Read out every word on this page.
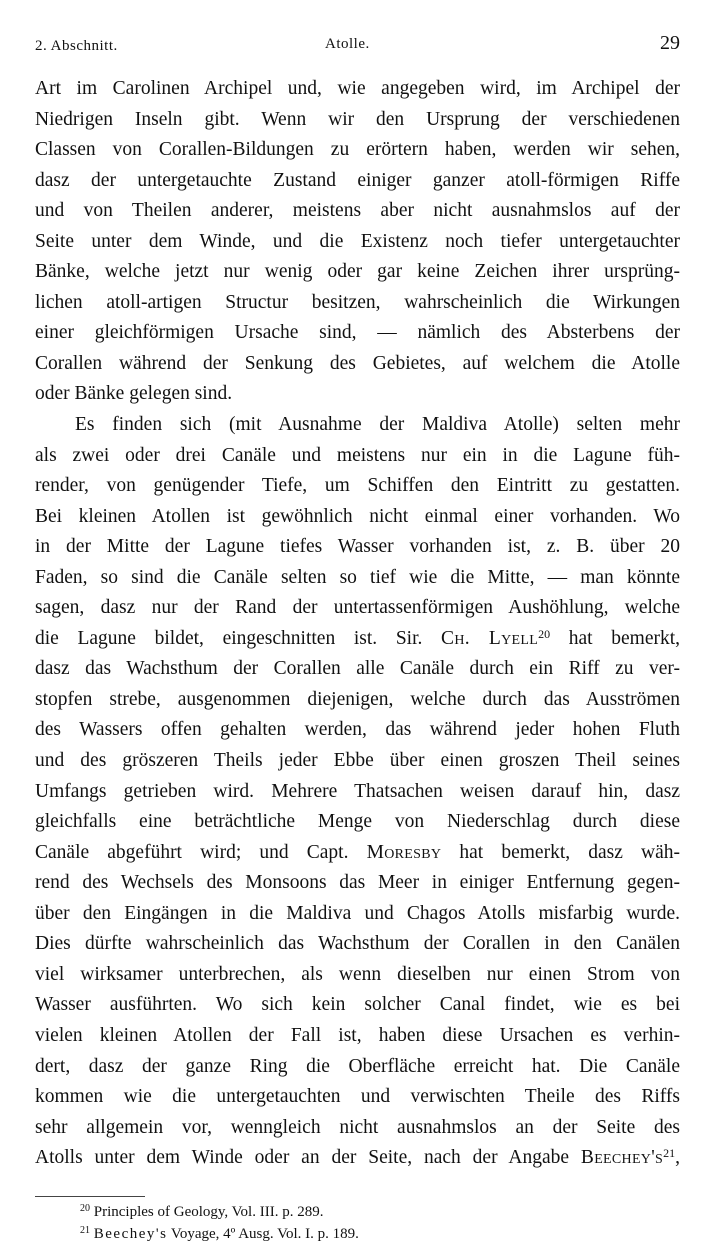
2. Abschnitt.	Atolle.	29

Art im Carolinen Archipel und, wie angegeben wird, im Archipel der
Niedrigen Inseln gibt. Wenn wir den Ursprung der verschiedenen
Classen von Corallen-Bildungen zu erörtern haben, werden wir sehen,
dasz der untergetauchte Zustand einiger ganzer atoll-förmigen Riffe
und von Theilen anderer, meistens aber nicht ausnahmslos auf der
Seite unter dem Winde, und die Existenz noch tiefer untergetauchter
Bänke, welche jetzt nur wenig oder gar keine Zeichen ihrer ursprüng-
lichen atoll-artigen Structur besitzen, wahrscheinlich die Wirkungen
einer gleichförmigen Ursache sind, — nämlich des Absterbens der
Corallen während der Senkung des Gebietes, auf welchem die Atolle
oder Bänke gelegen sind.

Es finden sich (mit Ausnahme der Maldiva Atolle) selten mehr
als zwei oder drei Canäle und meistens nur ein in die Lagune füh-
render, von genügender Tiefe, um Schiffen den Eintritt zu gestatten.
Bei kleinen Atollen ist gewöhnlich nicht einmal einer vorhanden. Wo
in der Mitte der Lagune tiefes Wasser vorhanden ist, z. B. über 20
Faden, so sind die Canäle selten so tief wie die Mitte, — man könnte
sagen, dasz nur der Rand der untertassenförmigen Aushöhlung, welche
die Lagune bildet, eingeschnitten ist. Sir. Ch. Lyell$^{20}$ hat bemerkt,
dasz das Wachsthum der Corallen alle Canäle durch ein Riff zu ver-
stopfen strebe, ausgenommen diejenigen, welche durch das Ausströmen
des Wassers offen gehalten werden, das während jeder hohen Fluth
und des gröszeren Theils jeder Ebbe über einen groszen Theil seines
Umfangs getrieben wird. Mehrere Thatsachen weisen darauf hin, dasz
gleichfalls eine beträchtliche Menge von Niederschlag durch diese
Canäle abgeführt wird; und Capt. Moresby hat bemerkt, dasz wäh-
rend des Wechsels des Monsoons das Meer in einiger Entfernung gegen-
über den Eingängen in die Maldiva und Chagos Atolls misfarbig wurde.
Dies dürfte wahrscheinlich das Wachsthum der Corallen in den Canälen
viel wirksamer unterbrechen, als wenn dieselben nur einen Strom von
Wasser ausführten. Wo sich kein solcher Canal findet, wie es bei
vielen kleinen Atollen der Fall ist, haben diese Ursachen es verhin-
dert, dasz der ganze Ring die Oberfläche erreicht hat. Die Canäle
kommen wie die untergetauchten und verwischten Theile des Riffs
sehr allgemein vor, wenngleich nicht ausnahmslos an der Seite des
Atolls unter dem Winde oder an der Seite, nach der Angabe $Beechey's^{21}$,

$^{20}$ Principles of Geology, Vol. III. p. 289.
$^{21}$ Beechey's Voyage, 4º Ausg. Vol. I. p. 189.
